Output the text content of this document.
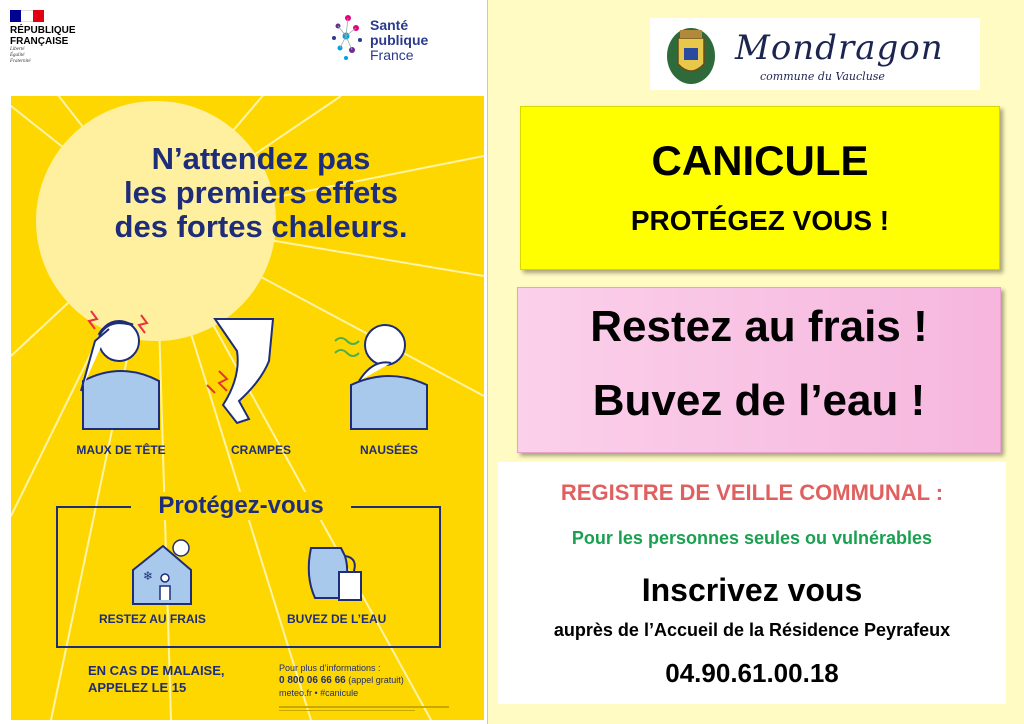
RÉPUBLIQUE
FRANÇAISE
Liberté
Égalité
Fraternité
Santé
publique
France
N’attendez pas
les premiers effets
des fortes chaleurs.
MAUX DE TÊTE	CRAMPES	NAUSÉES
Protégez-vous
❄
RESTEZ AU FRAIS	BUVEZ DE L’EAU
EN CAS DE MALAISE,
APPELEZ LE 15
Pour plus d’informations :
0 800 06 66 66 (appel gratuit)
meteo.fr • #canicule
Mondragon
commune du Vaucluse
CANICULE
PROTÉGEZ VOUS !
Restez au frais !
Buvez de l’eau !
REGISTRE DE VEILLE COMMUNAL :
Pour les personnes seules ou vulnérables
Inscrivez vous
auprès de l’Accueil de la Résidence Peyrafeux
04.90.61.00.18
